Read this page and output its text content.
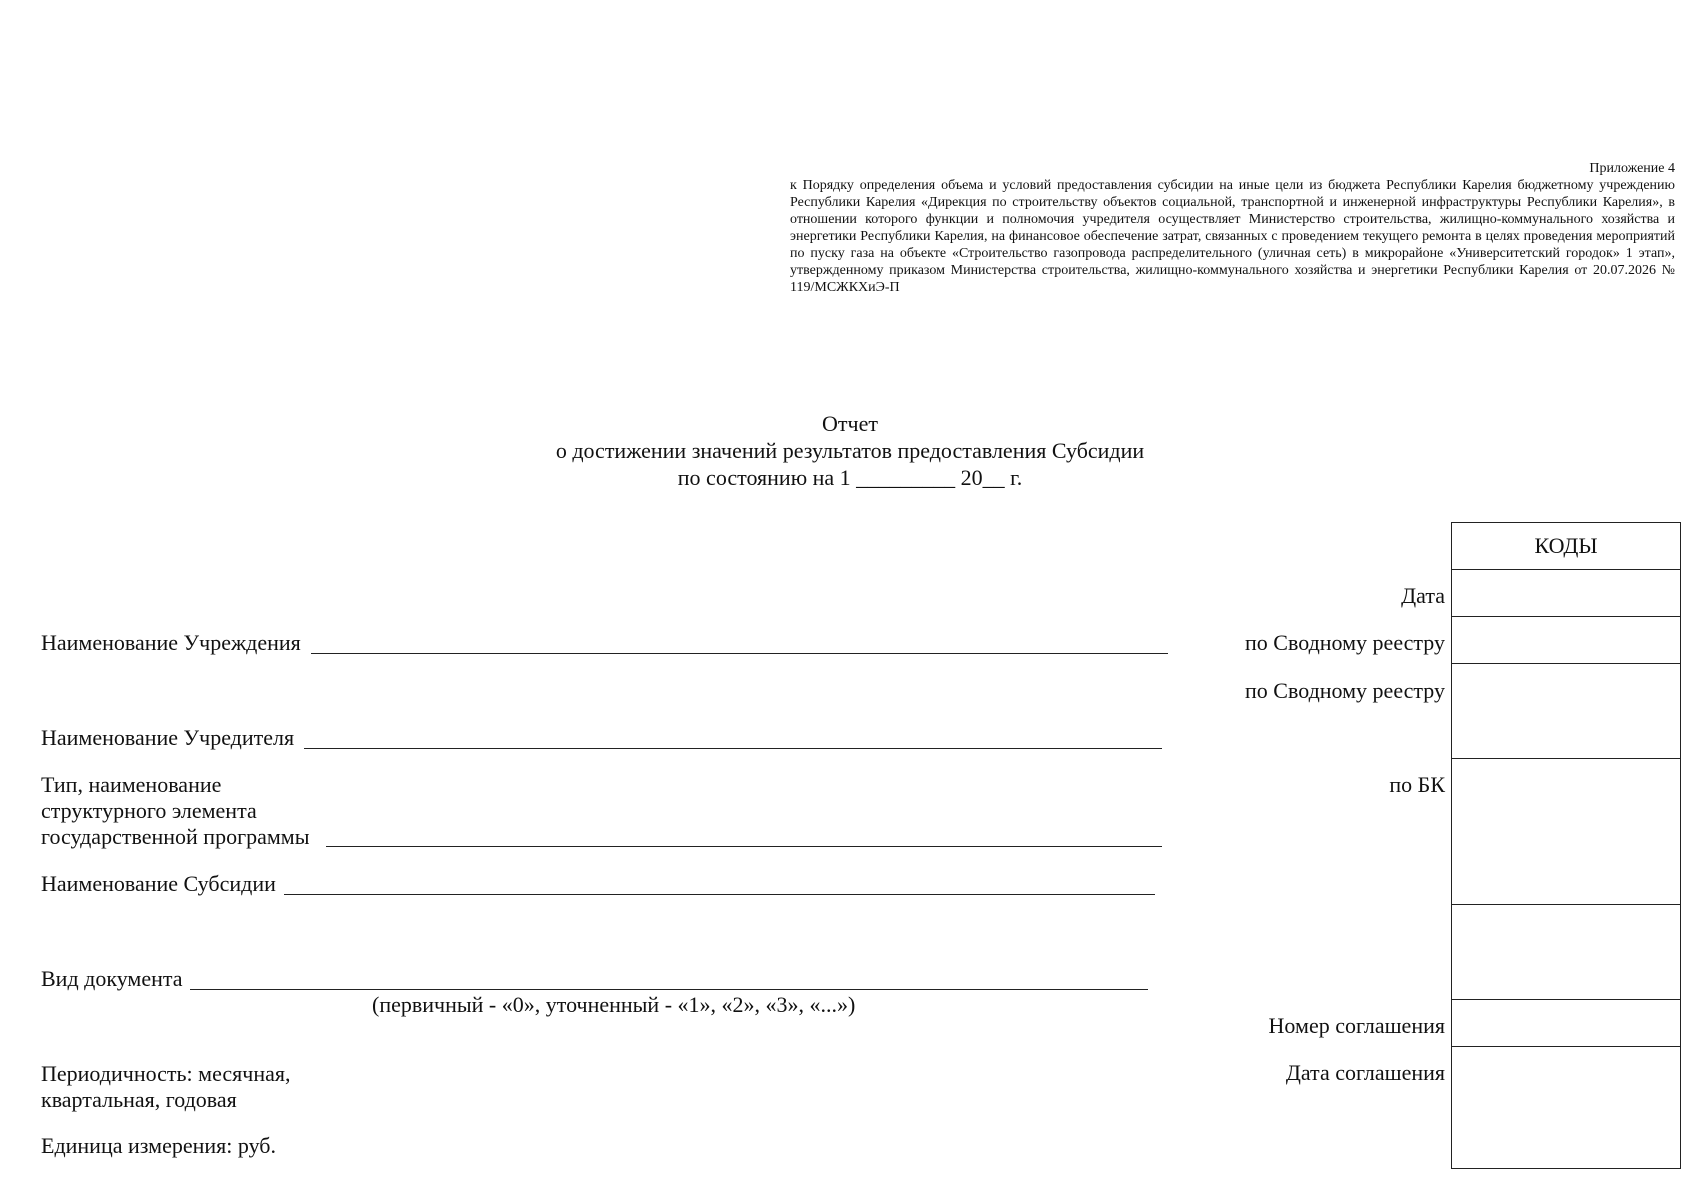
Приложение 4

к Порядку определения объема и условий предоставления субсидии на иные цели из бюджета Республики Карелия бюджетному учреждению Республики Карелия «Дирекция по строительству объектов социальной, транспортной и инженерной инфраструктуры Республики Карелия», в отношении которого функции и полномочия учредителя осуществляет Министерство строительства, жилищно-коммунального хозяйства и энергетики Республики Карелия, на финансовое обеспечение затрат, связанных с проведением текущего ремонта в целях проведения мероприятий по пуску газа на объекте «Строительство газопровода распределительного (уличная сеть) в микрорайоне «Университетский городок» 1 этап», утвержденному приказом Министерства строительства, жилищно-коммунального хозяйства и энергетики Республики Карелия от 20.07.2026 № 119/МСЖКХиЭ-П

Отчет
о достижении значений результатов предоставления Субсидии
по состоянию на 1 _________ 20__ г.
КОДЫ
Дата
по Сводному реестру
по Сводному реестру
по БК
Номер соглашения
Дата соглашения
Наименование Учреждения
Наименование Учредителя
Тип, наименование
структурного элемента
государственной программы
Наименование Субсидии
Вид документа
(первичный - «0», уточненный - «1», «2», «3», «...»)
Периодичность: месячная,
квартальная, годовая
Единица измерения: руб.
